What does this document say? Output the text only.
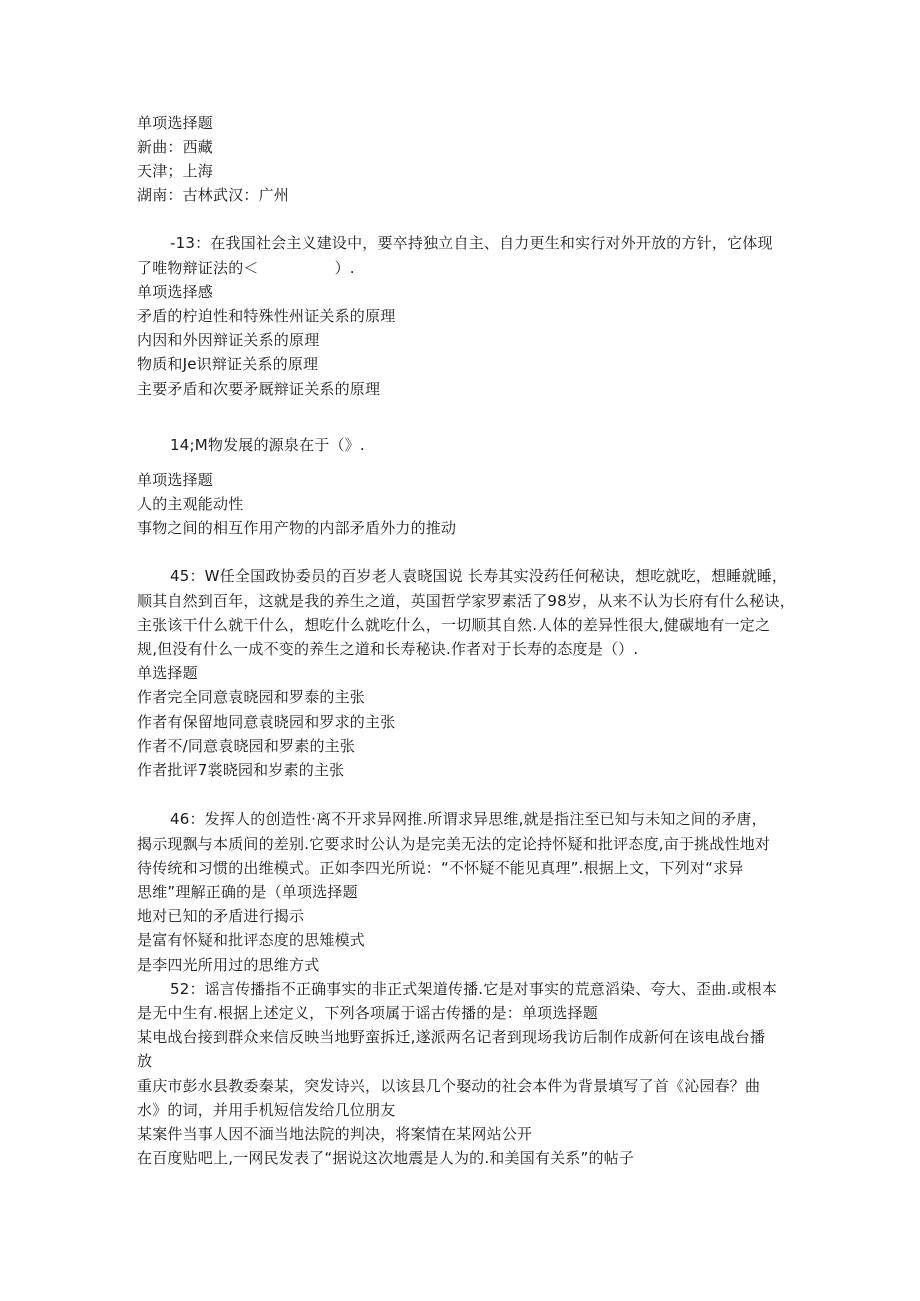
单项选择题
新曲：西藏
天津；上海
湖南：古林武汉：广州
-13：在我国社会主义建设中，要卒持独立自主、自力更生和实行对外开放的方针，它体现
了唯物辩证法的＜　　　　　）.
单项选择感
矛盾的柠迫性和特殊性州证关系的原理
内因和外因辩证关系的原理
物质和Je识辩证关系的原理
主要矛盾和次要矛厩辩证关系的原理
14;M物发展的源泉在于（》.
单项选择题
人的主观能动性
事物之间的相互作用产物的内部矛盾外力的推动
45：W任全国政协委员的百岁老人袁晓国说 长寿其实没药任何秘诀，想吃就吃，想睡就睡，
顺其自然到百年，这就是我的养生之道，英国哲学家罗素活了98岁，从来不认为长府有什么秘诀，
主张该干什么就干什么，想吃什么就吃什么，一切顺其自然.人体的差异性很大,健碳地有一定之
规,但没有什么一成不变的养生之道和长寿秘诀.作者对于长寿的态度是（）.
单选择题
作者完全同意袁晓园和罗泰的主张
作者有保留地同意袁晓园和罗求的主张
作者不/同意袁晓园和罗素的主张
作者批评7裳晓园和岁素的主张
46：发挥人的创造性·离不开求异网推.所谓求异思维,就是指注至已知与未知之间的矛唐，
揭示现飘与本质间的差别.它要求时公认为是完美无法的定论持怀疑和批评态度,亩于挑战性地对
待传统和习惯的出维模式。正如李四光所说：“不怀疑不能见真理”.根据上文，下列对“求异
思维”理解正确的是（单项选择题
地对已知的矛盾进行揭示
是富有怀疑和批评态度的思雉模式
是李四光所用过的思维方式
52：谣言传播指不正确事实的非正式架道传播.它是对事实的荒意滔染、夸大、歪曲.或根本
是无中生有.根据上述定义，下列各项属于谣古传播的是：单项选择题
某电战台接到群众来信反映当地野蛮拆迁,遂派两名记者到现场我访后制作成新何在该电战台播
放
重庆市彭水县教委秦某，突发诗兴，以该县几个娶动的社会本件为背景填写了首《沁园春？曲
水》的词，并用手机短信发给几位朋友
某案件当事人因不湎当地法院的判决，将案情在某网站公开
在百度贴吧上,一网民发表了“据说这次地震是人为的.和美国有关系”的帖子
